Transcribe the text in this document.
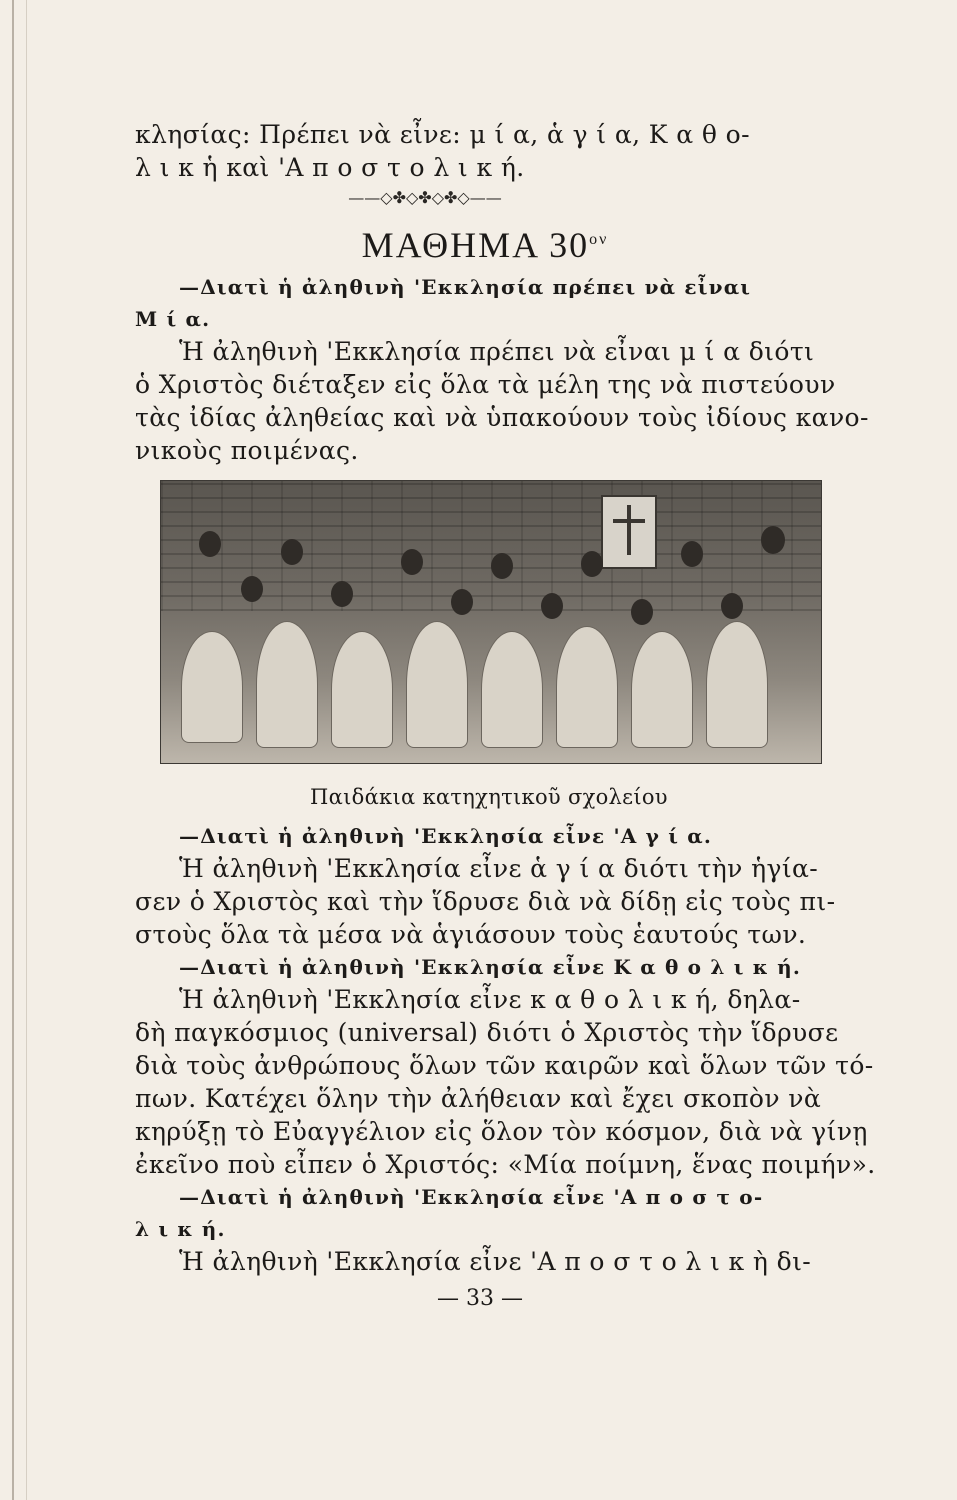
κλησίας: Πρέπει νὰ εἶνε: μ ί α, ἁ γ ί α, Κ α θ ο-
λ ι κ ἡ καὶ 'Α π ο σ τ ο λ ι κ ή.
——◇✤◇✤◇✤◇——
ΜΑΘΗΜΑ $30^{o\nu}$
—Διατὶ ἡ ἀληθινὴ 'Εκκλησία πρέπει νὰ εἶναι
Μ ί α.
Ἡ ἀληθινὴ 'Εκκλησία πρέπει νὰ εἶναι μ ί α διότι
ὁ Χριστὸς διέταξεν εἰς ὅλα τὰ μέλη της νὰ πιστεύουν
τὰς ἰδίας ἀληθείας καὶ νὰ ὑπακούουν τοὺς ἰδίους κανο-
νικοὺς ποιμένας.
Παιδάκια κατηχητικοῦ σχολείου
—Διατὶ ἡ ἀληθινὴ 'Εκκλησία εἶνε 'Α γ ί α.
Ἡ ἀληθινὴ 'Εκκλησία εἶνε ἁ γ ί α διότι τὴν ἡγία-
σεν ὁ Χριστὸς καὶ τὴν ἵδρυσε διὰ νὰ δίδῃ εἰς τοὺς πι-
στοὺς ὅλα τὰ μέσα νὰ ἁγιάσουν τοὺς ἑαυτούς των.
—Διατὶ ἡ ἀληθινὴ 'Εκκλησία εἶνε Κ α θ ο λ ι κ ή.
Ἡ ἀληθινὴ 'Εκκλησία εἶνε κ α θ ο λ ι κ ή, δηλα-
δὴ παγκόσμιος (universal) διότι ὁ Χριστὸς τὴν ἵδρυσε
διὰ τοὺς ἀνθρώπους ὅλων τῶν καιρῶν καὶ ὅλων τῶν τό-
πων. Κατέχει ὅλην τὴν ἀλήθειαν καὶ ἔχει σκοπὸν νὰ
κηρύξῃ τὸ Εὐαγγέλιον εἰς ὅλον τὸν κόσμον, διὰ νὰ γίνῃ
ἐκεῖνο ποὺ εἶπεν ὁ Χριστός: «Μία ποίμνη, ἕνας ποιμήν».
—Διατὶ ἡ ἀληθινὴ 'Εκκλησία εἶνε 'Α π ο σ τ ο-
λ ι κ ή.
Ἡ ἀληθινὴ 'Εκκλησία εἶνε 'Α π ο σ τ ο λ ι κ ὴ δι-
— 33 —
